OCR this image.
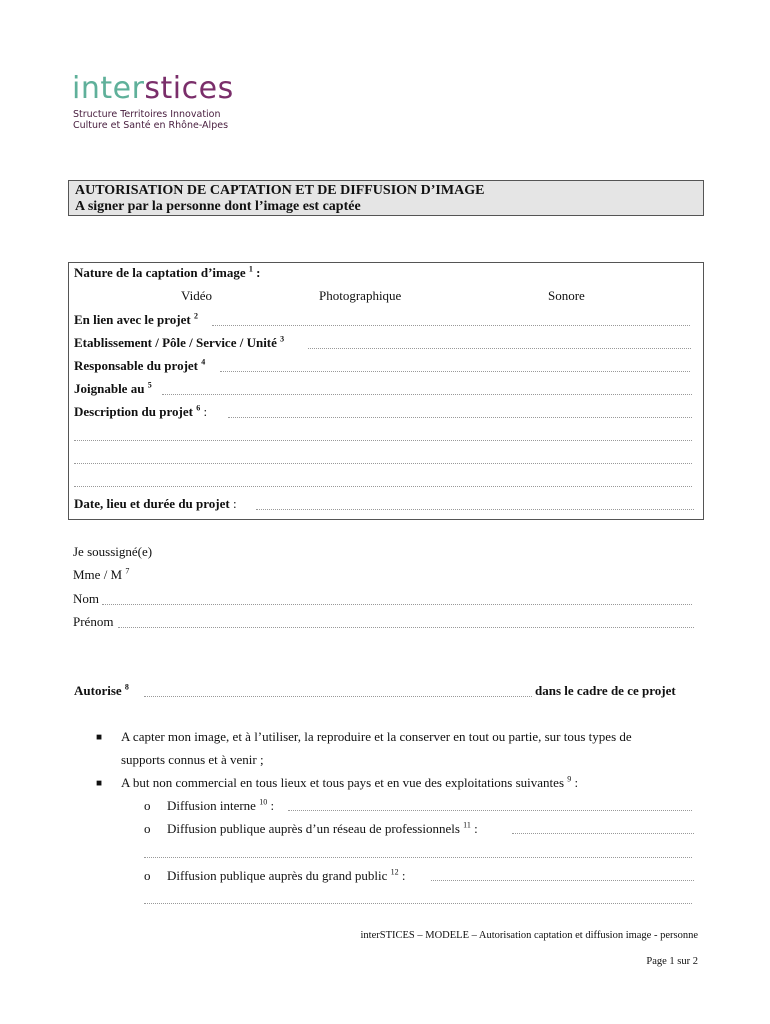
interstices
Structure Territoires Innovation
Culture et Santé en Rhône-Alpes
AUTORISATION DE CAPTATION ET DE DIFFUSION D’IMAGE
A signer par la personne dont l’image est captée
Nature de la captation d’image $^1$ :
Vidéo	Photographique	Sonore
En lien avec le projet $^2$
Etablissement / Pôle / Service / Unité $^3$
Responsable du projet $^4$
Joignable au $^5$
Description du projet $^6$ :
Date, lieu et durée du projet :
Je soussigné(e)
Mme / M $^7$
Nom
Prénom
Autorise $^8$	dans le cadre de ce projet
■ A capter mon image, et à l’utiliser, la reproduire et la conserver en tout ou partie, sur tous types de
supports connus et à venir ;
■ A but non commercial en tous lieux et tous pays et en vue des exploitations suivantes $^9$ :
o Diffusion interne $^{10}$ :
o Diffusion publique auprès d’un réseau de professionnels $^{11}$ :
o Diffusion publique auprès du grand public $^{12}$ :
interSTICES – MODELE – Autorisation captation et diffusion image - personne
Page 1 sur 2
